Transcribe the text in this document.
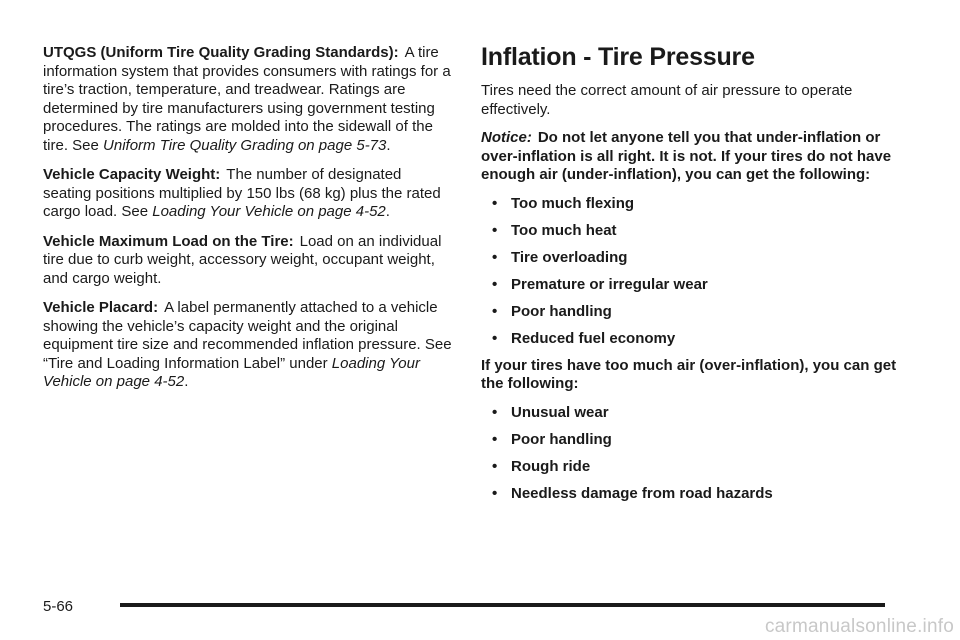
UTQGS (Uniform Tire Quality Grading Standards): A tire information system that provides consumers with ratings for a tire’s traction, temperature, and treadwear. Ratings are determined by tire manufacturers using government testing procedures. The ratings are molded into the sidewall of the tire. See Uniform Tire Quality Grading on page 5-73.

Vehicle Capacity Weight: The number of designated seating positions multiplied by 150 lbs (68 kg) plus the rated cargo load. See Loading Your Vehicle on page 4-52.

Vehicle Maximum Load on the Tire: Load on an individual tire due to curb weight, accessory weight, occupant weight, and cargo weight.

Vehicle Placard: A label permanently attached to a vehicle showing the vehicle’s capacity weight and the original equipment tire size and recommended inflation pressure. See “Tire and Loading Information Label” under Loading Your Vehicle on page 4-52.

Inflation - Tire Pressure

Tires need the correct amount of air pressure to operate effectively.

Notice: Do not let anyone tell you that under-inflation or over-inflation is all right. It is not. If your tires do not have enough air (under-inflation), you can get the following:

• Too much flexing
• Too much heat
• Tire overloading
• Premature or irregular wear
• Poor handling
• Reduced fuel economy

If your tires have too much air (over-inflation), you can get the following:

• Unusual wear
• Poor handling
• Rough ride
• Needless damage from road hazards
5-66
carmanualsonline.info
